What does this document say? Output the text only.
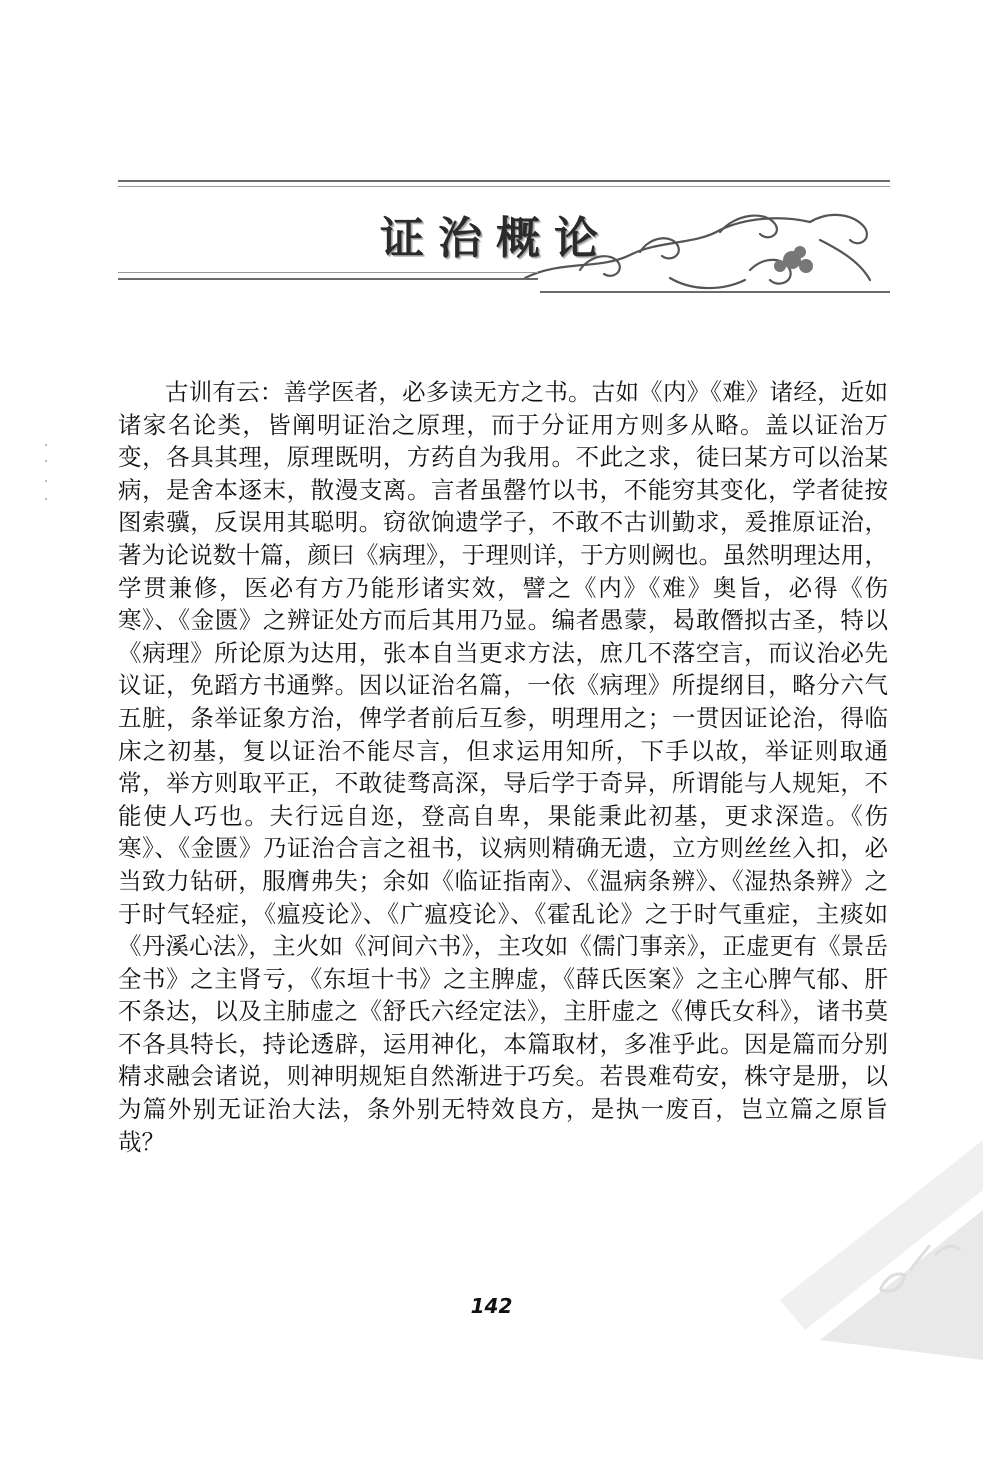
证治概论

古训有云：善学医者，必多读无方之书。古如《内》《难》诸经，近如诸家名论类，皆阐明证治之原理，而于分证用方则多从略。盖以证治万变，各具其理，原理既明，方药自为我用。不此之求，徒曰某方可以治某病，是舍本逐末，散漫支离。言者虽罄竹以书，不能穷其变化，学者徒按图索骥，反误用其聪明。窃欲饷遗学子，不敢不古训勤求，爰推原证治，著为论说数十篇，颜曰《病理》，于理则详，于方则阙也。虽然明理达用，学贯兼修，医必有方乃能形诸实效，譬之《内》《难》奥旨，必得《伤寒》、《金匮》之辨证处方而后其用乃显。编者愚蒙，曷敢僭拟古圣，特以《病理》所论原为达用，张本自当更求方法，庶几不落空言，而议治必先议证，免蹈方书通弊。因以证治名篇，一依《病理》所提纲目，略分六气五脏，条举证象方治，俾学者前后互参，明理用之；一贯因证论治，得临床之初基，复以证治不能尽言，但求运用知所，下手以故，举证则取通常，举方则取平正，不敢徒骛高深，导后学于奇异，所谓能与人规矩，不能使人巧也。夫行远自迩，登高自卑，果能秉此初基，更求深造。《伤寒》、《金匮》乃证治合言之祖书，议病则精确无遗，立方则丝丝入扣，必当致力钻研，服膺弗失；余如《临证指南》、《温病条辨》、《湿热条辨》之于时气轻症，《瘟疫论》、《广瘟疫论》、《霍乱论》之于时气重症，主痰如《丹溪心法》，主火如《河间六书》，主攻如《儒门事亲》，正虚更有《景岳全书》之主肾亏，《东垣十书》之主脾虚，《薛氏医案》之主心脾气郁、肝不条达，以及主肺虚之《舒氏六经定法》，主肝虚之《傅氏女科》，诸书莫不各具特长，持论透辟，运用神化，本篇取材，多准乎此。因是篇而分别精求融会诸说，则神明规矩自然渐进于巧矣。若畏难苟安，株守是册，以为篇外别无证治大法，条外别无特效良方，是执一废百，岂立篇之原旨哉？

142
